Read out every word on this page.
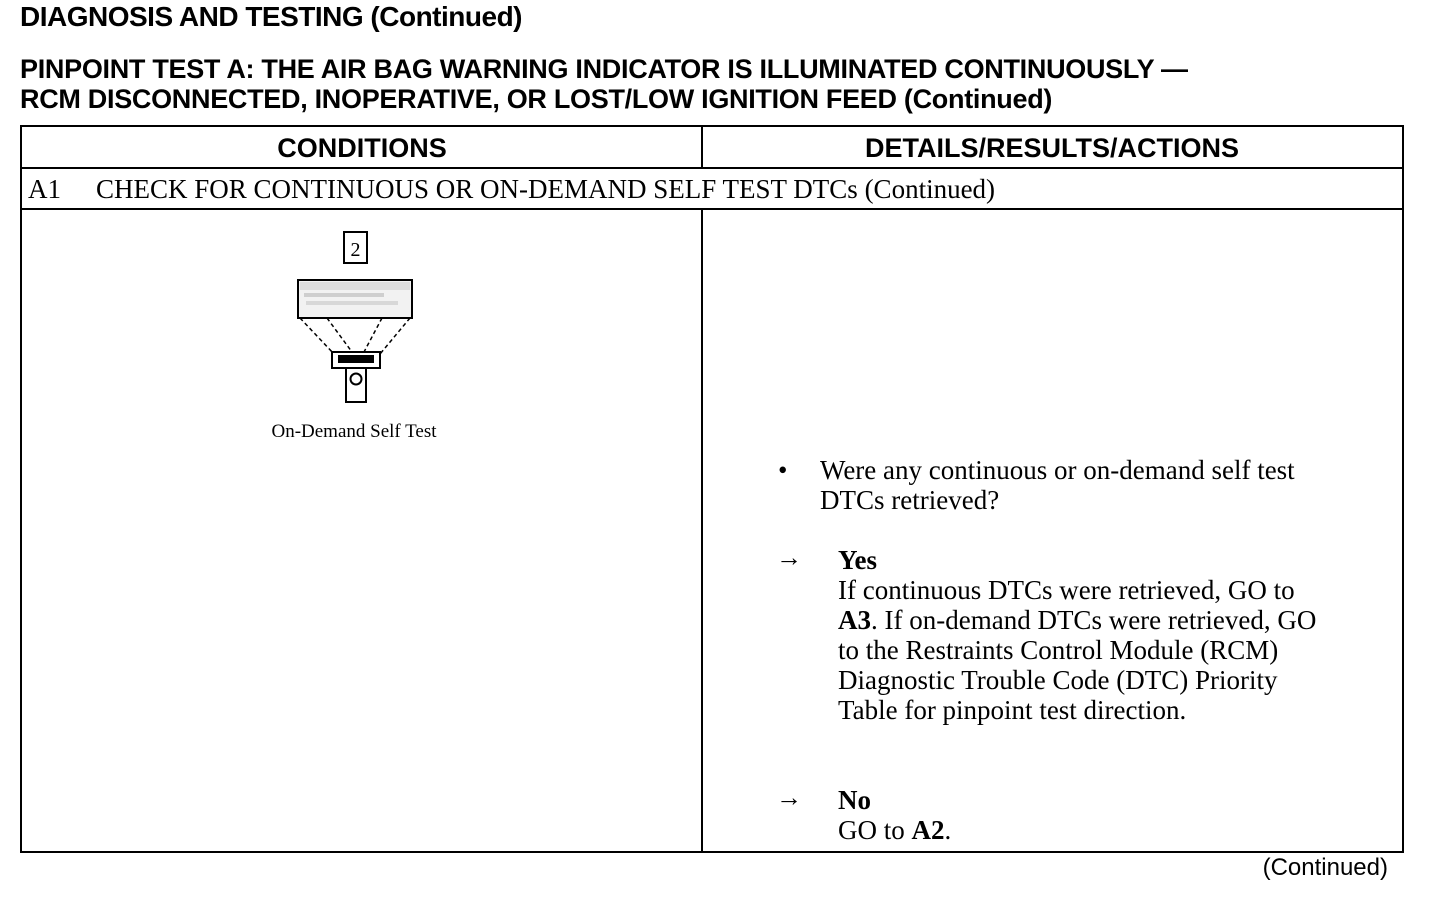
DIAGNOSIS AND TESTING (Continued)
PINPOINT TEST A: THE AIR BAG WARNING INDICATOR IS ILLUMINATED CONTINUOUSLY —
RCM DISCONNECTED, INOPERATIVE, OR LOST/LOW IGNITION FEED (Continued)
CONDITIONS	DETAILS/RESULTS/ACTIONS
A1 CHECK FOR CONTINUOUS OR ON-DEMAND SELF TEST DTCs (Continued)
2
On-Demand Self Test
• Were any continuous or on-demand self test
DTCs retrieved?
→ Yes
If continuous DTCs were retrieved, GO to
A3. If on-demand DTCs were retrieved, GO
to the Restraints Control Module (RCM)
Diagnostic Trouble Code (DTC) Priority
Table for pinpoint test direction.
→ No
GO to A2.
(Continued)
